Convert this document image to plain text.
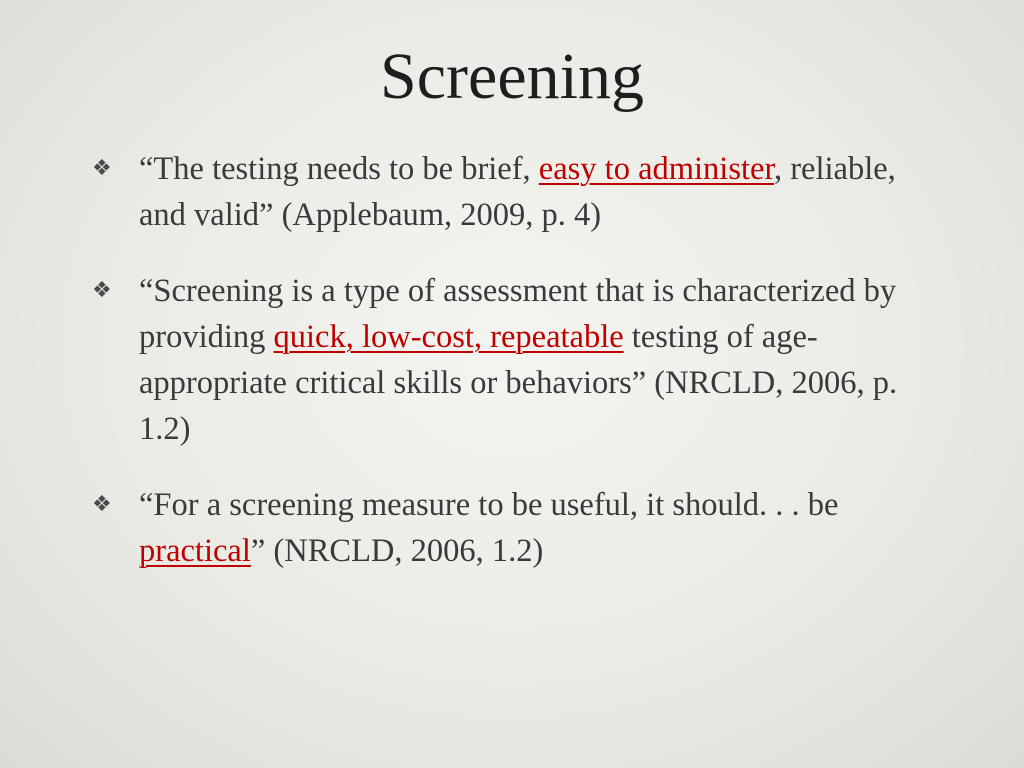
Screening
❖ “The testing needs to be brief, easy to administer, reliable, and valid” (Applebaum, 2009, p. 4)
❖ “Screening is a type of assessment that is characterized by providing quick, low-cost, repeatable testing of age-appropriate critical skills or behaviors” (NRCLD, 2006, p. 1.2)
❖ “For a screening measure to be useful, it should. . . be practical” (NRCLD, 2006, 1.2)
